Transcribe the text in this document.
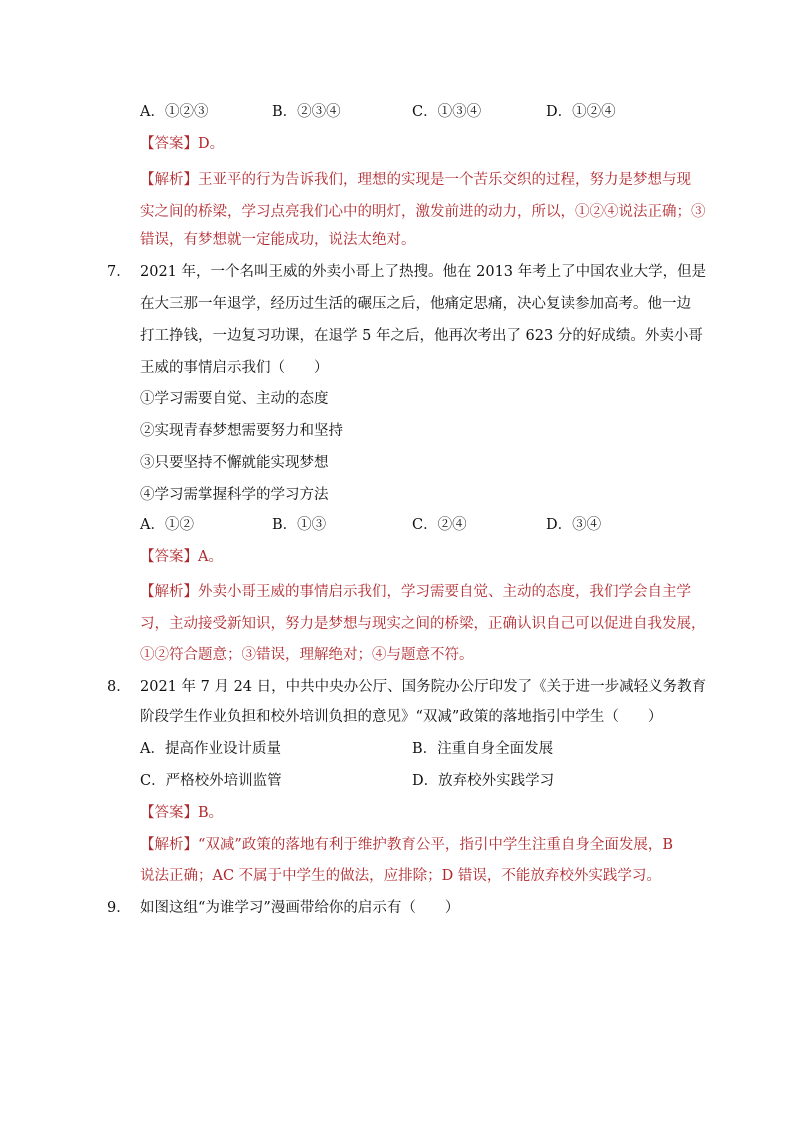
A．①②③	B．②③④	C．①③④	D．①②④
【答案】D。
【解析】王亚平的行为告诉我们，理想的实现是一个苦乐交织的过程，努力是梦想与现
实之间的桥梁，学习点亮我们心中的明灯，激发前进的动力，所以，①②④说法正确；③
错误，有梦想就一定能成功，说法太绝对。
7． 2021 年，一个名叫王威的外卖小哥上了热搜。他在 2013 年考上了中国农业大学，但是
在大三那一年退学，经历过生活的碾压之后，他痛定思痛，决心复读参加高考。他一边
打工挣钱，一边复习功课，在退学 5 年之后，他再次考出了 623 分的好成绩。外卖小哥
王威的事情启示我们（　　）
①学习需要自觉、主动的态度
②实现青春梦想需要努力和坚持
③只要坚持不懈就能实现梦想
④学习需掌握科学的学习方法
A．①②	B．①③	C．②④	D．③④
【答案】A。
【解析】外卖小哥王威的事情启示我们，学习需要自觉、主动的态度，我们学会自主学
习，主动接受新知识，努力是梦想与现实之间的桥梁，正确认识自己可以促进自我发展，
①②符合题意；③错误，理解绝对；④与题意不符。
8． 2021 年 7 月 24 日，中共中央办公厅、国务院办公厅印发了《关于进一步减轻义务教育
阶段学生作业负担和校外培训负担的意见》“双减”政策的落地指引中学生（　　）
A．提高作业设计质量	B．注重自身全面发展
C．严格校外培训监管	D．放弃校外实践学习
【答案】B。
【解析】“双减”政策的落地有利于维护教育公平，指引中学生注重自身全面发展，B
说法正确；AC 不属于中学生的做法，应排除；D 错误，不能放弃校外实践学习。
9． 如图这组“为谁学习”漫画带给你的启示有（　　）
